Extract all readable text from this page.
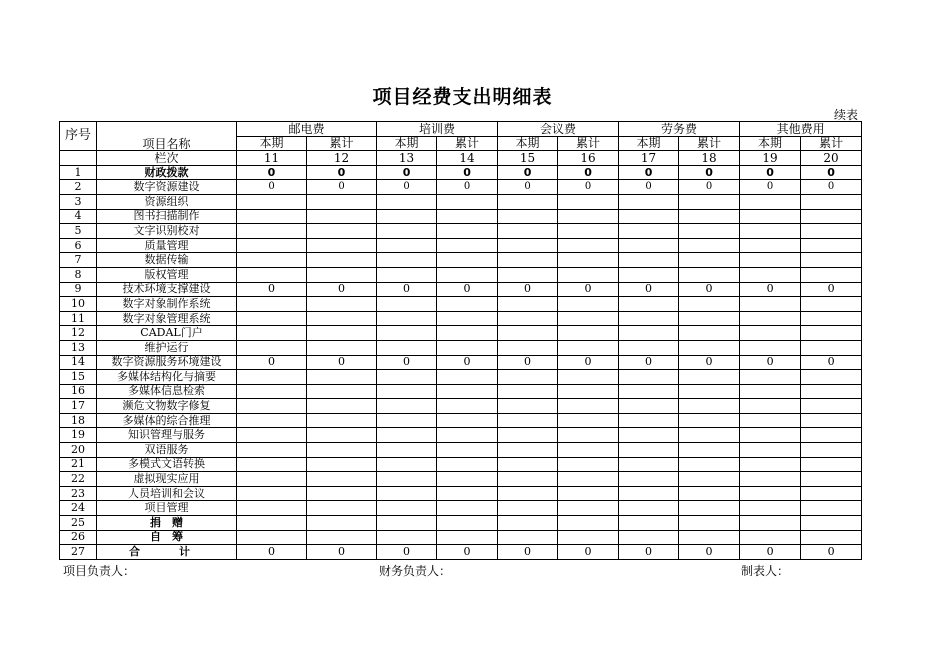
项目经费支出明细表
续表
序号	项目名称	邮电费		培训费		会议费		劳务费		其他费用	
		本期	累计	本期	累计	本期	累计	本期	累计	本期	累计
	栏次	11	12	13	14	15	16	17	18	19	20
1	财政拨款	0	0	0	0	0	0	0	0	0	0
2	数字资源建设	0	0	0	0	0	0	0	0	0	0
3	资源组织										
4	图书扫描制作										
5	文字识别校对										
6	质量管理										
7	数据传输										
8	版权管理										
9	技术环境支撑建设	0	0	0	0	0	0	0	0	0	0
10	数字对象制作系统										
11	数字对象管理系统										
12	CADAL门户										
13	维护运行										
14	数字资源服务环境建设	0	0	0	0	0	0	0	0	0	0
15	多媒体结构化与摘要										
16	多媒体信息检索										
17	濒危文物数字修复										
18	多媒体的综合推理										
19	知识管理与服务										
20	双语服务										
21	多模式文语转换										
22	虚拟现实应用										
23	人员培训和会议										
24	项目管理										
25	捐　赠										
26	自　筹										
27	合　计	0	0	0	0	0	0	0	0	0	0
项目负责人：	财务负责人：	制表人：
